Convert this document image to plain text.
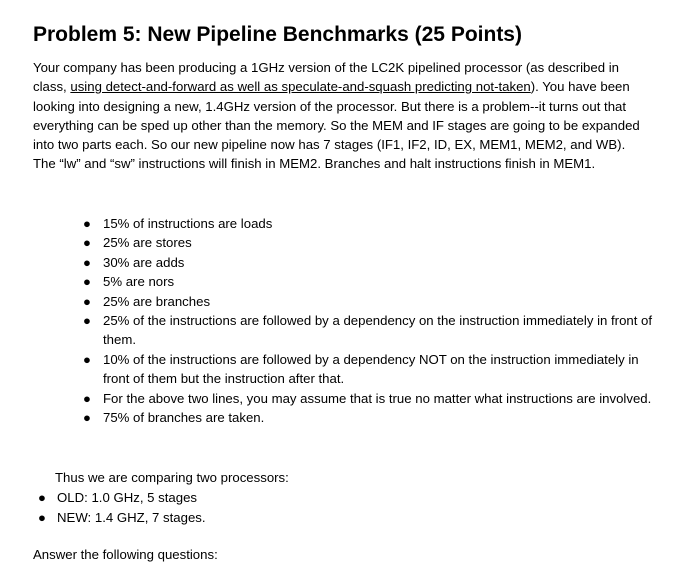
Problem 5: New Pipeline Benchmarks (25 Points)

Your company has been producing a 1GHz version of the LC2K pipelined processor (as described in class, using detect-and-forward as well as speculate-and-squash predicting not-taken). You have been looking into designing a new, 1.4GHz version of the processor. But there is a problem--it turns out that everything can be sped up other than the memory. So the MEM and IF stages are going to be expanded into two parts each. So our new pipeline now has 7 stages (IF1, IF2, ID, EX, MEM1, MEM2, and WB). The “lw” and “sw” instructions will finish in MEM2. Branches and halt instructions finish in MEM1.

● 15% of instructions are loads
● 25% are stores
● 30% are adds
● 5% are nors
● 25% are branches
● 25% of the instructions are followed by a dependency on the instruction immediately in front of them.
● 10% of the instructions are followed by a dependency NOT on the instruction immediately in front of them but the instruction after that.
● For the above two lines, you may assume that is true no matter what instructions are involved.
● 75% of branches are taken.

Thus we are comparing two processors:

● OLD: 1.0 GHz, 5 stages
● NEW: 1.4 GHZ, 7 stages.

Answer the following questions:
